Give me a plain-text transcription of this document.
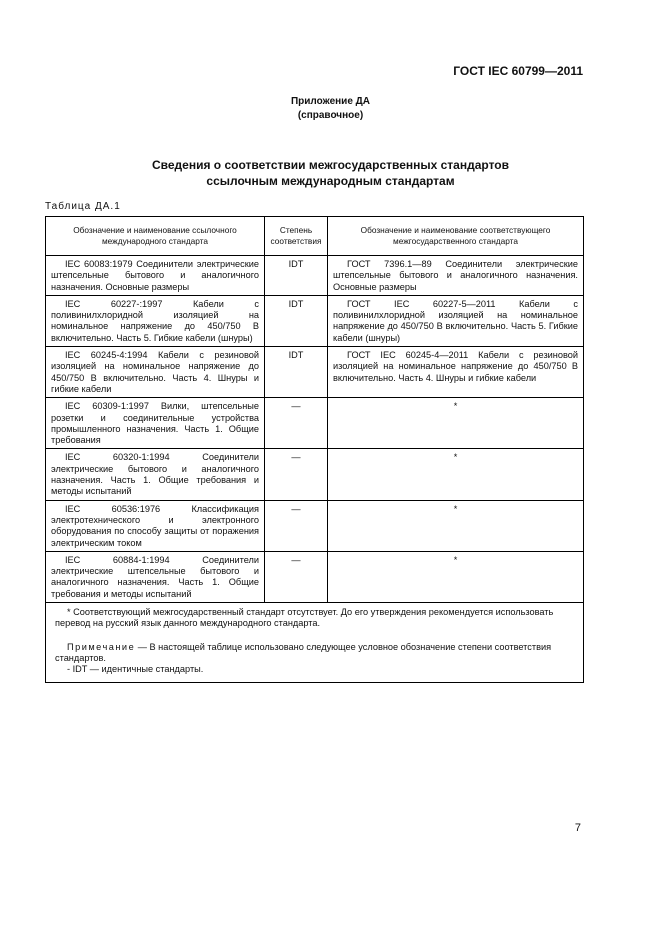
ГОСТ IEC 60799—2011
Приложение ДА
(справочное)
Сведения о соответствии межгосударственных стандартов
ссылочным международным стандартам
Таблица ДА.1
Обозначение и наименование ссылочного международного стандарта	Степень соответствия	Обозначение и наименование соответствующего межгосударственного стандарта
IEC 60083:1979 Соединители электрические штепсельные бытового и аналогичного назначения. Основные размеры	IDT	ГОСТ 7396.1—89 Соединители электрические штепсельные бытового и аналогичного назначения. Основные размеры
IEC 60227-:1997 Кабели с поливинилхлоридной изоляцией на номинальное напряжение до 450/750 В включительно. Часть 5. Гибкие кабели (шнуры)	IDT	ГОСТ IEC 60227-5—2011 Кабели с поливинилхлоридной изоляцией на номинальное напряжение до 450/750 В включительно. Часть 5. Гибкие кабели (шнуры)
IEC 60245-4:1994 Кабели с резиновой изоляцией на номинальное напряжение до 450/750 В включительно. Часть 4. Шнуры и гибкие кабели	IDT	ГОСТ IEC 60245-4—2011 Кабели с резиновой изоляцией на номинальное напряжение до 450/750 В включительно. Часть 4. Шнуры и гибкие кабели
IEC 60309-1:1997 Вилки, штепсельные розетки и соединительные устройства промышленного назначения. Часть 1. Общие требования	—	*
IEC 60320-1:1994 Соединители электрические бытового и аналогичного назначения. Часть 1. Общие требования и методы испытаний	—	*
IEC 60536:1976 Классификация электротехнического и электронного оборудования по способу защиты от поражения электрическим током	—	*
IEC 60884-1:1994 Соединители электрические штепсельные бытового и аналогичного назначения. Часть 1. Общие требования и методы испытаний	—	*

* Соответствующий межгосударственный стандарт отсутствует. До его утверждения рекомендуется использовать перевод на русский язык данного международного стандарта.

Примечание — В настоящей таблице использовано следующее условное обозначение степени соответствия стандартов.

- IDT — идентичные стандарты.		

7
